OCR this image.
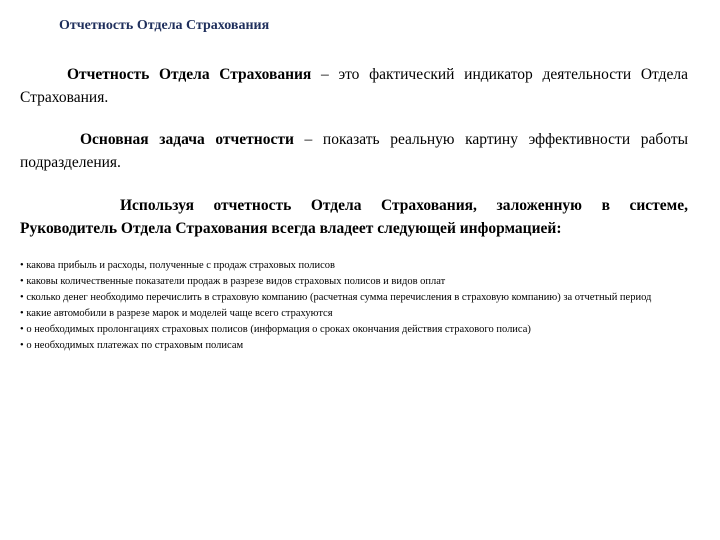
Отчетность Отдела Страхования
Отчетность Отдела Страхования – это фактический индикатор деятельности Отдела Страхования.
Основная задача отчетности – показать реальную картину эффективности работы подразделения.
Используя отчетность Отдела Страхования, заложенную в системе, Руководитель Отдела Страхования всегда владеет следующей информацией:
• какова прибыль и расходы, полученные с продаж страховых полисов
• каковы количественные показатели продаж в разрезе видов страховых полисов и видов оплат
• сколько денег необходимо перечислить в страховую компанию (расчетная сумма перечисления в страховую компанию) за отчетный период
• какие автомобили в разрезе марок и моделей чаще всего страхуются
• о необходимых пролонгациях страховых полисов (информация о сроках окончания действия страхового полиса)
• о необходимых платежах по страховым полисам
